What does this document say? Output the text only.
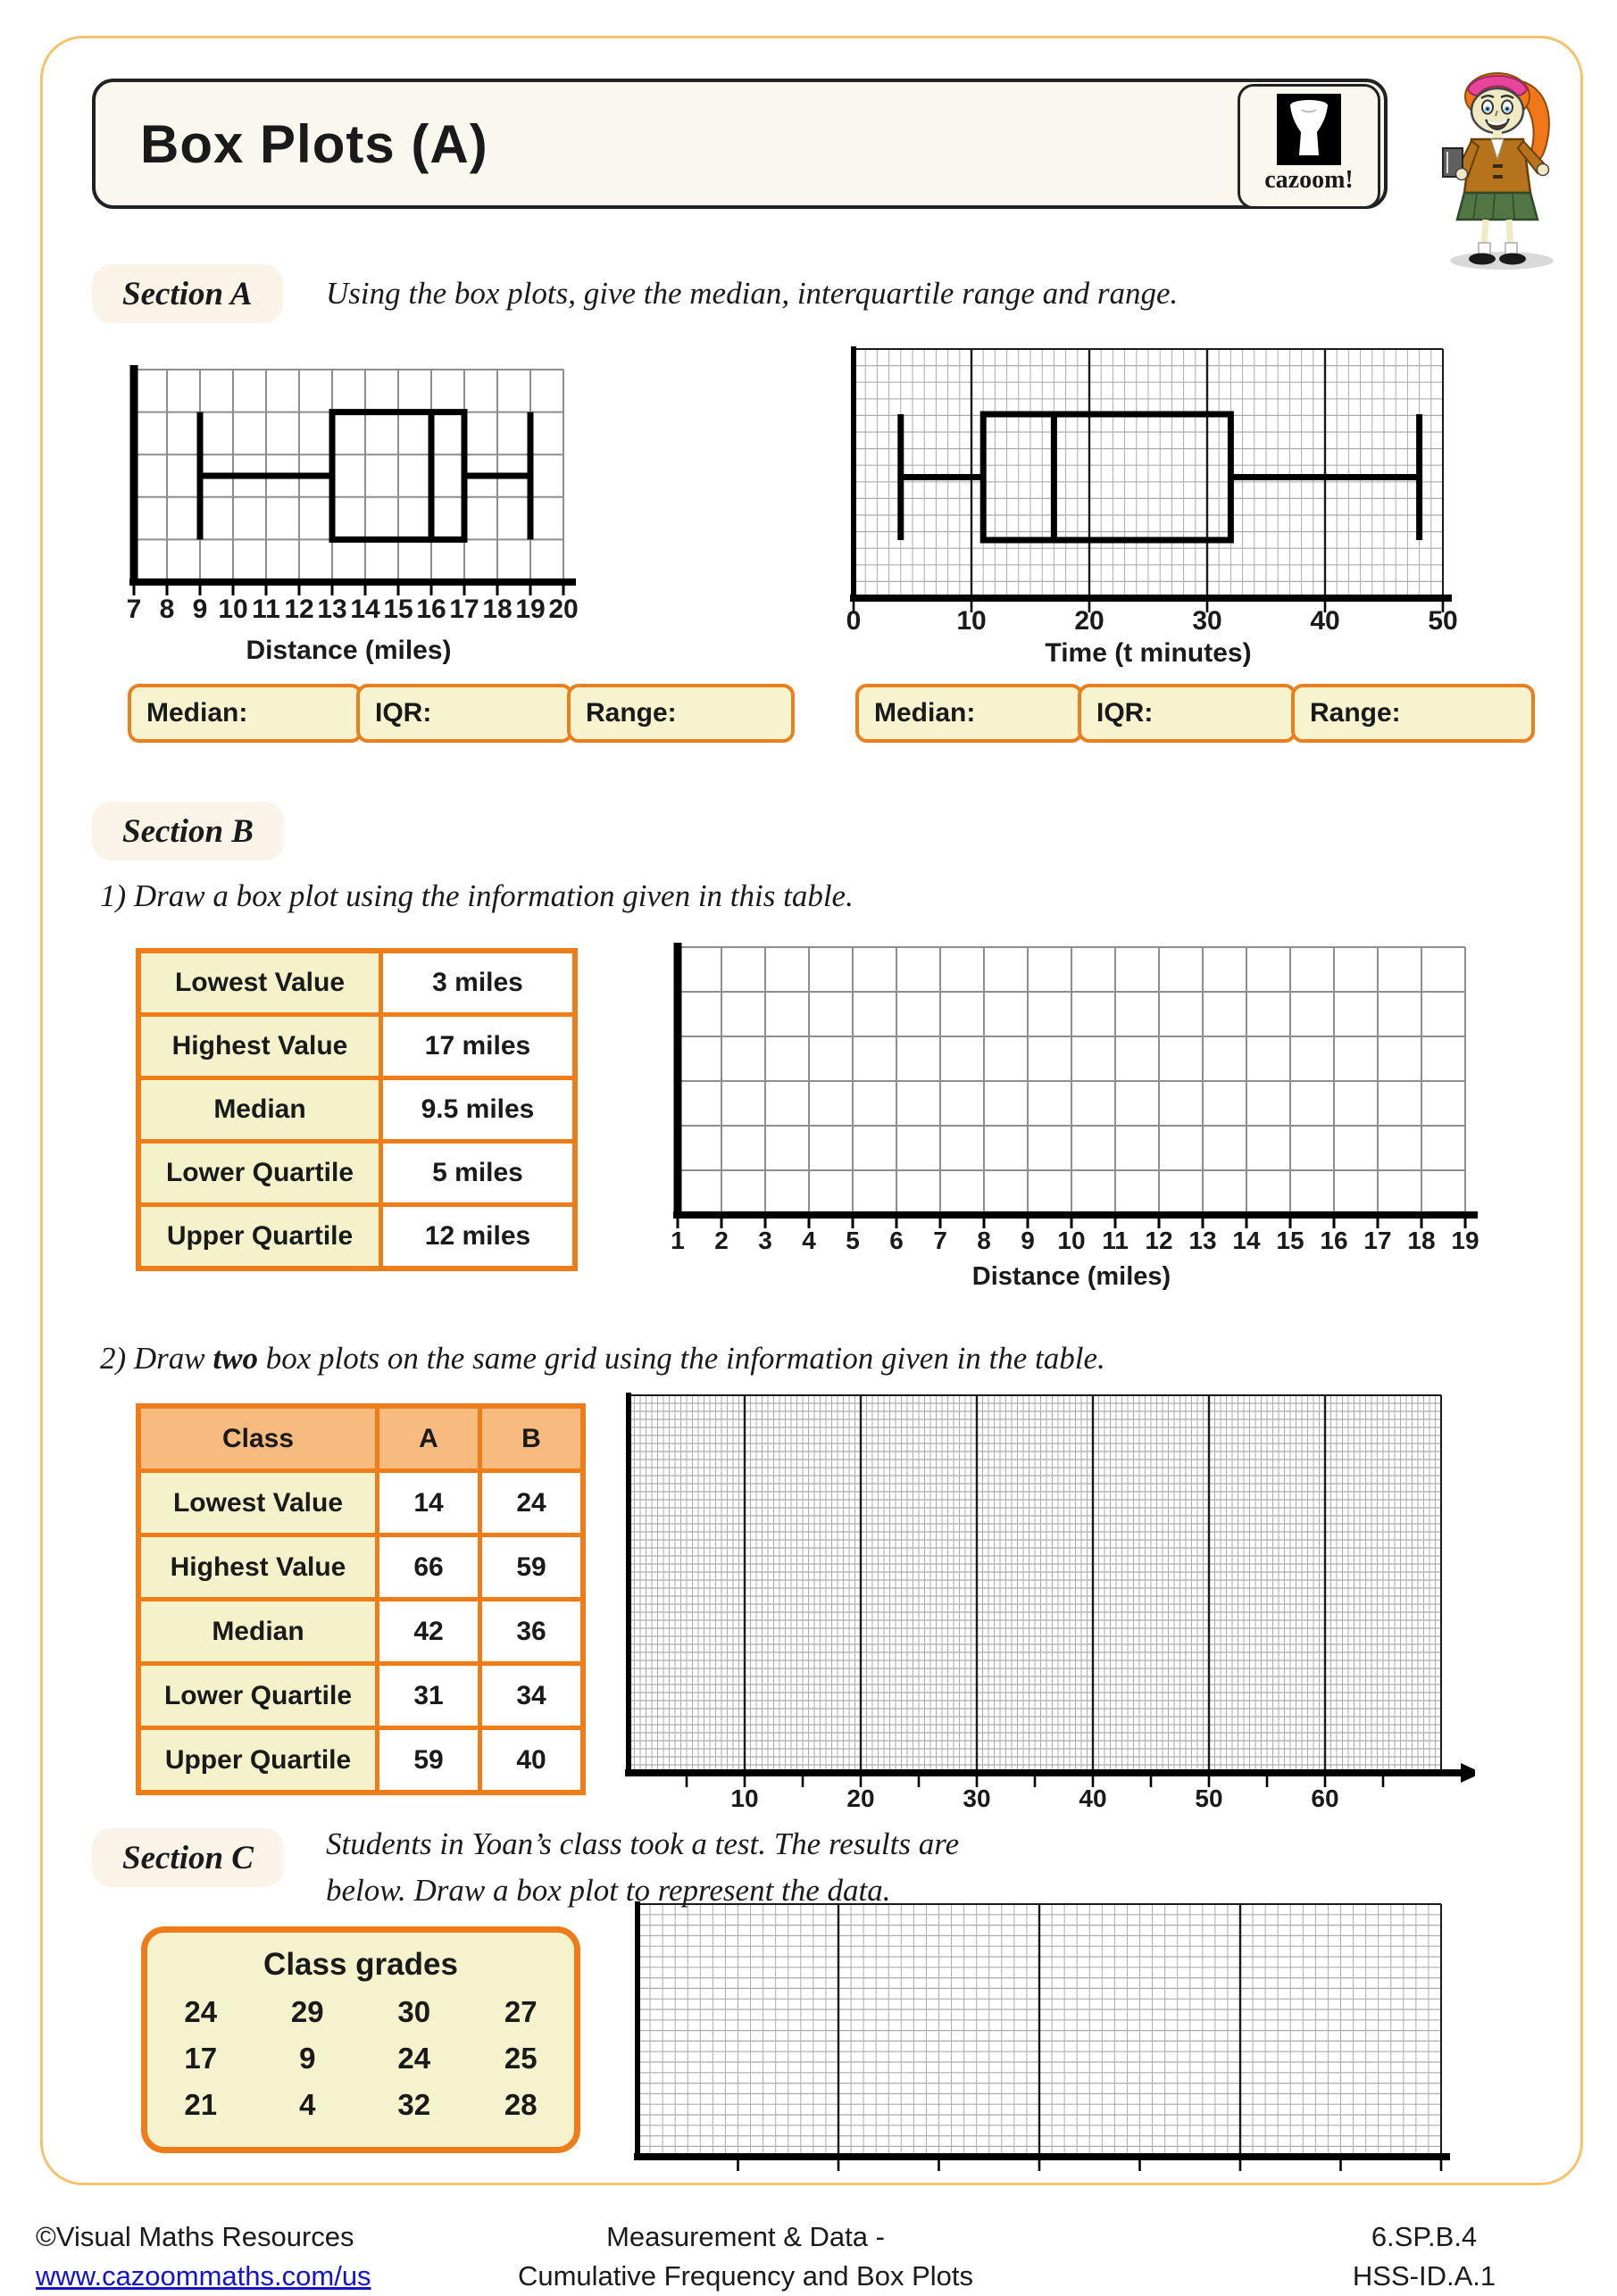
Box Plots (A)
cazoom!
Section A	Using the box plots, give the median, interquartile range and range.
7 8 9 10 11 12 13 14 15 16 17 18 19 20
Distance (miles)
0	10	20	30	40	50
Time (t minutes)
Median:	IQR:	Range:	Median:	IQR:	Range:
Section B
1) Draw a box plot using the information given in this table.
Lowest Value	3 miles
Highest Value	17 miles
Median	9.5 miles
Lower Quartile	5 miles
Upper Quartile	12 miles	1 2 3 4 5 6 7 8 9 10 11 12 13 14 15 16 17 18 19
Distance (miles)
2) Draw two box plots on the same grid using the information given in the table.
Class	A	B
Lowest Value	14	24
Highest Value	66	59
Median	42	36
Lower Quartile	31	34
Upper Quartile	59	40
10	20	30	40	50	60
Section C	Students in Yoan’s class took a test. The results are
below. Draw a box plot to represent the data.
Class grades
24	29	30	27
17	9	24	25
21	4	32	28
©Visual Maths Resources
www.cazoommaths.com/us
Measurement & Data -
Cumulative Frequency and Box Plots
6.SP.B.4
HSS-ID.A.1
